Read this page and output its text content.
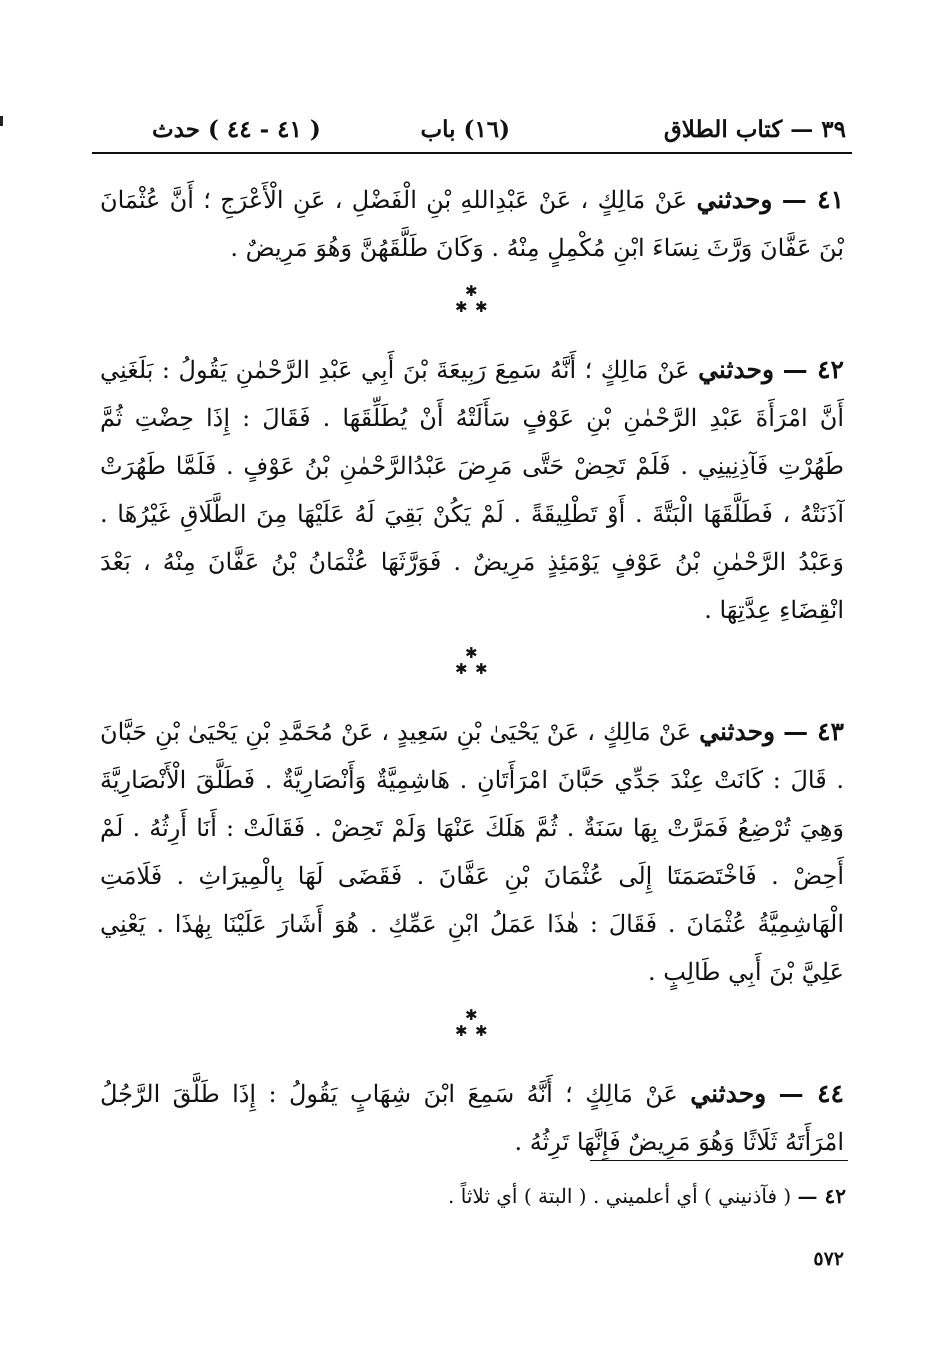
٣٩ — كتاب الطلاق
(١٦) باب
( ٤١ - ٤٤ ) حدث

٤١ — وحدثني عَنْ مَالِكٍ ، عَنْ عَبْدِاللهِ بْنِ الْفَضْلِ ، عَنِ الْأَعْرَجِ ؛ أَنَّ عُثْمَانَ بْنَ عَفَّانَ وَرَّثَ نِسَاءَ ابْنِ مُكْمِلٍ مِنْهُ . وَكَانَ طَلَّقَهُنَّ وَهُوَ مَرِيضٌ .

✱
✱ ✱

٤٢ — وحدثني عَنْ مَالِكٍ ؛ أَنَّهُ سَمِعَ رَبِيعَةَ بْنَ أَبِي عَبْدِ الرَّحْمٰنِ يَقُولُ : بَلَغَنِي أَنَّ امْرَأَةَ عَبْدِ الرَّحْمٰنِ بْنِ عَوْفٍ سَأَلَتْهُ أَنْ يُطَلِّقَهَا . فَقَالَ : إِذَا حِضْتِ ثُمَّ طَهُرْتِ فَآذِنِينِي . فَلَمْ تَحِضْ حَتَّى مَرِضَ عَبْدُالرَّحْمٰنِ بْنُ عَوْفٍ . فَلَمَّا طَهُرَتْ آذَنَتْهُ ، فَطَلَّقَهَا الْبَتَّةَ . أَوْ تَطْلِيقَةً . لَمْ يَكُنْ بَقِيَ لَهُ عَلَيْهَا مِنَ الطَّلَاقِ غَيْرُهَا . وَعَبْدُ الرَّحْمٰنِ بْنُ عَوْفٍ يَوْمَئِذٍ مَرِيضٌ . فَوَرَّثَهَا عُثْمَانُ بْنُ عَفَّانَ مِنْهُ ، بَعْدَ انْقِضَاءِ عِدَّتِهَا .

✱
✱ ✱

٤٣ — وحدثني عَنْ مَالِكٍ ، عَنْ يَحْيَىٰ بْنِ سَعِيدٍ ، عَنْ مُحَمَّدِ بْنِ يَحْيَىٰ بْنِ حَبَّانَ . قَالَ : كَانَتْ عِنْدَ جَدِّي حَبَّانَ امْرَأَتَانِ . هَاشِمِيَّةٌ وَأَنْصَارِيَّةٌ . فَطَلَّقَ الْأَنْصَارِيَّةَ وَهِيَ تُرْضِعُ فَمَرَّتْ بِهَا سَنَةٌ . ثُمَّ هَلَكَ عَنْهَا وَلَمْ تَحِضْ . فَقَالَتْ : أَنَا أَرِثُهُ . لَمْ أَحِضْ . فَاخْتَصَمَتَا إِلَى عُثْمَانَ بْنِ عَفَّانَ . فَقَضَى لَهَا بِالْمِيرَاثِ . فَلَامَتِ الْهَاشِمِيَّةُ عُثْمَانَ . فَقَالَ : هٰذَا عَمَلُ ابْنِ عَمِّكِ . هُوَ أَشَارَ عَلَيْنَا بِهٰذَا . يَعْنِي عَلِيَّ بْنَ أَبِي طَالِبٍ .

✱
✱ ✱

٤٤ — وحدثني عَنْ مَالِكٍ ؛ أَنَّهُ سَمِعَ ابْنَ شِهَابٍ يَقُولُ : إِذَا طَلَّقَ الرَّجُلُ امْرَأَتَهُ ثَلَاثًا وَهُوَ مَرِيضٌ فَإِنَّهَا تَرِثُهُ .

٤٢ — ( فآذنيني ) أي أعلميني . ( البتة ) أي ثلاثاً .
٥٧٢
